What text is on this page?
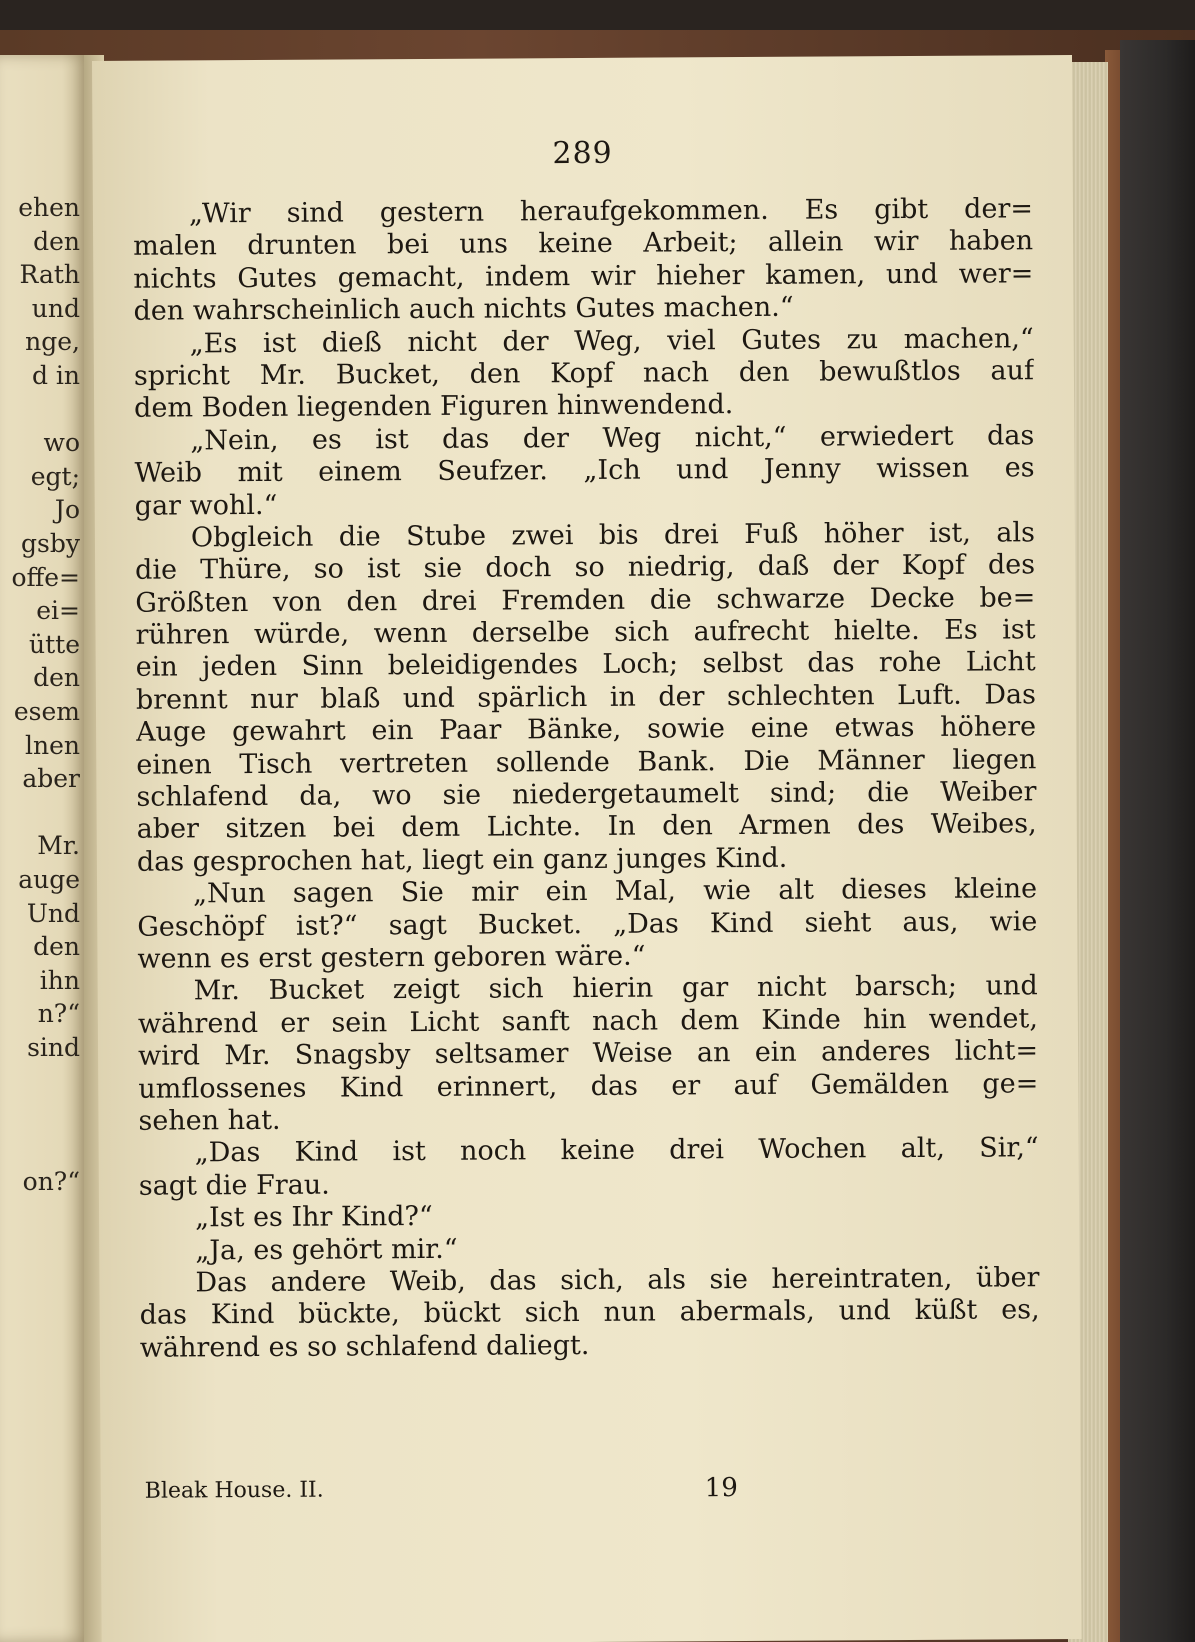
ehen
den
Rath
und
nge,
d in
wo
egt;
Jo
gsby
offe=
ei=
ütte
den
esem
lnen
aber
Mr.
auge
Und
den
ihn
n?“
sind
on?“
289
„Wir sind gestern heraufgekommen. Es gibt der=
malen drunten bei uns keine Arbeit; allein wir haben
nichts Gutes gemacht, indem wir hieher kamen, und wer=
den wahrscheinlich auch nichts Gutes machen.“
„Es ist dieß nicht der Weg, viel Gutes zu machen,“
spricht Mr. Bucket, den Kopf nach den bewußtlos auf
dem Boden liegenden Figuren hinwendend.
„Nein, es ist das der Weg nicht,“ erwiedert das
Weib mit einem Seufzer. „Ich und Jenny wissen es
gar wohl.“
Obgleich die Stube zwei bis drei Fuß höher ist, als
die Thüre, so ist sie doch so niedrig, daß der Kopf des
Größten von den drei Fremden die schwarze Decke be=
rühren würde, wenn derselbe sich aufrecht hielte. Es ist
ein jeden Sinn beleidigendes Loch; selbst das rohe Licht
brennt nur blaß und spärlich in der schlechten Luft. Das
Auge gewahrt ein Paar Bänke, sowie eine etwas höhere
einen Tisch vertreten sollende Bank. Die Männer liegen
schlafend da, wo sie niedergetaumelt sind; die Weiber
aber sitzen bei dem Lichte. In den Armen des Weibes,
das gesprochen hat, liegt ein ganz junges Kind.
„Nun sagen Sie mir ein Mal, wie alt dieses kleine
Geschöpf ist?“ sagt Bucket. „Das Kind sieht aus, wie
wenn es erst gestern geboren wäre.“
Mr. Bucket zeigt sich hierin gar nicht barsch; und
während er sein Licht sanft nach dem Kinde hin wendet,
wird Mr. Snagsby seltsamer Weise an ein anderes licht=
umflossenes Kind erinnert, das er auf Gemälden ge=
sehen hat.
„Das Kind ist noch keine drei Wochen alt, Sir,“
sagt die Frau.
„Ist es Ihr Kind?“
„Ja, es gehört mir.“
Das andere Weib, das sich, als sie hereintraten, über
das Kind bückte, bückt sich nun abermals, und küßt es,
während es so schlafend daliegt.
Bleak House. II.	19
